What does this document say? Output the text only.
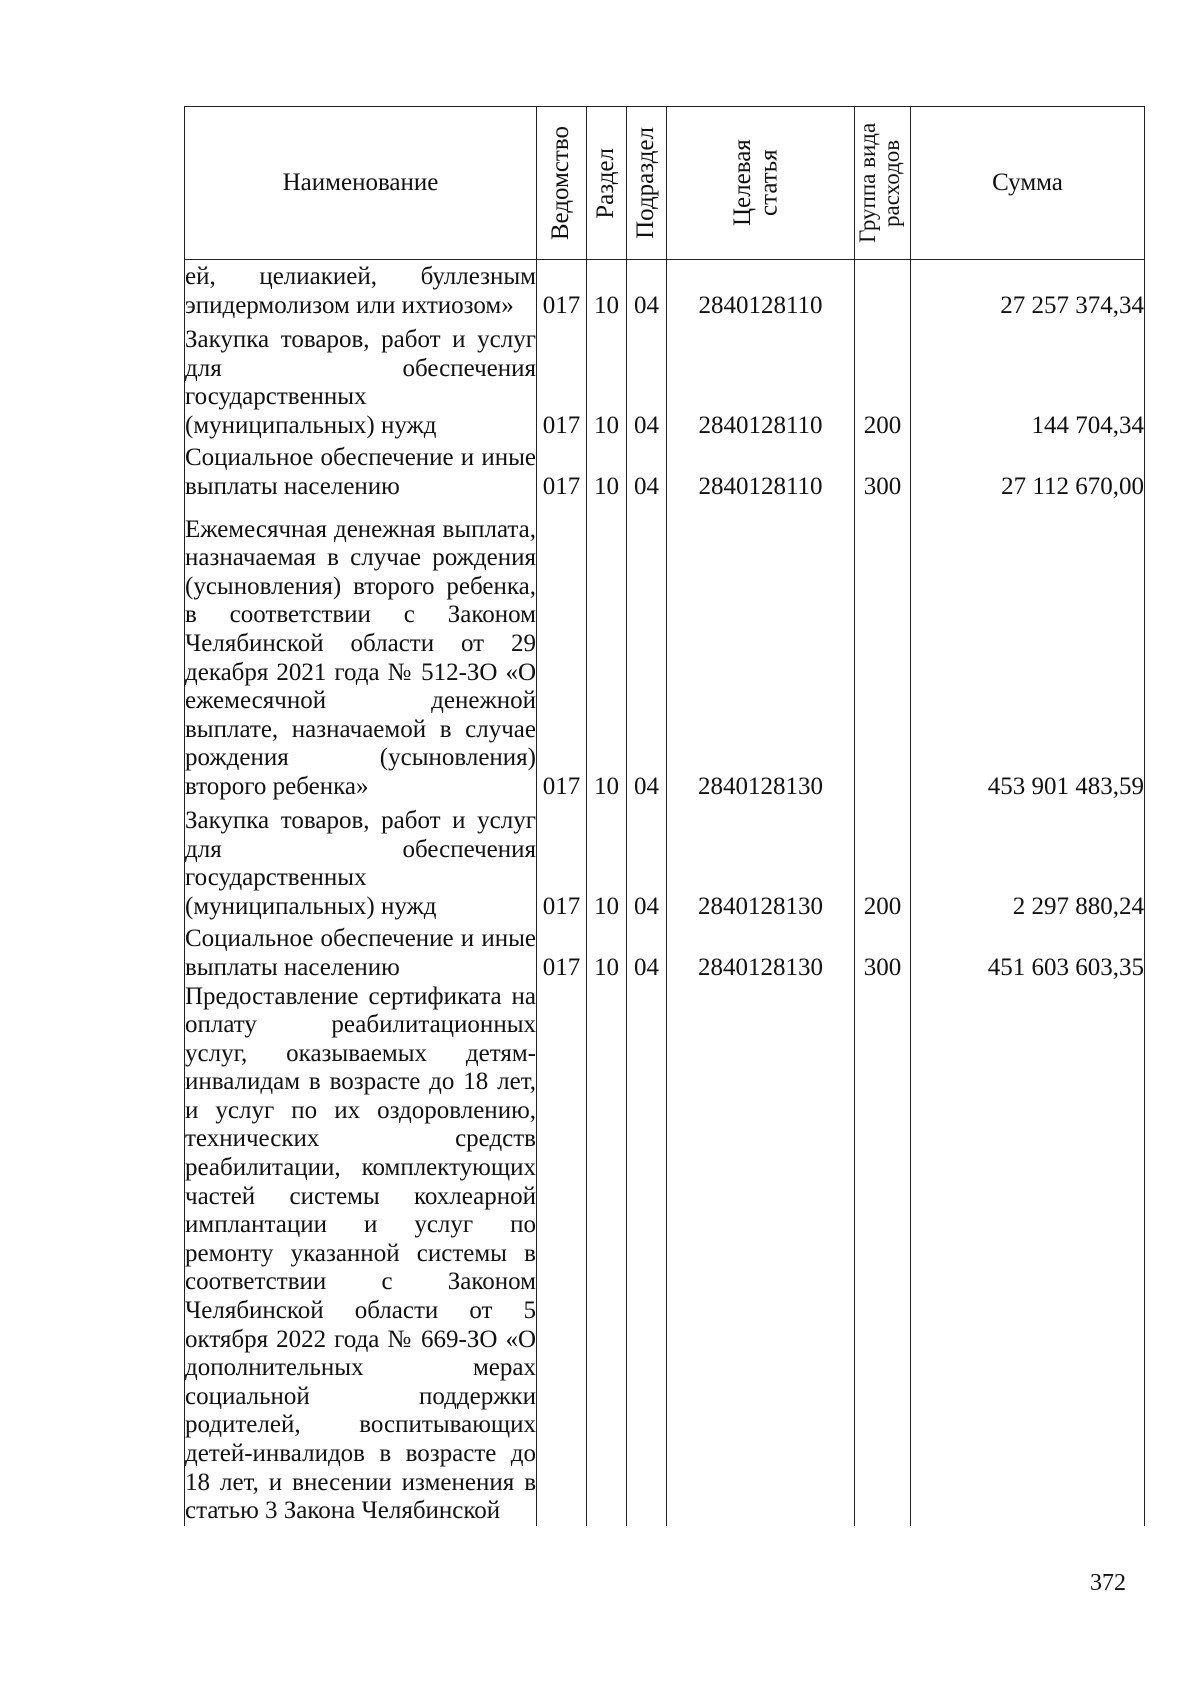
Наименование	Ведомство	Раздел	Подраздел	Целевая статья	Группа вида расходов	Сумма
ей, целиакией, буллезным эпидермолизом или ихтиозом»	017	10	04	2840128110		27 257 374,34
Закупка товаров, работ и услуг для обеспечения государственных (муниципальных) нужд	017	10	04	2840128110	200	144 704,34
Социальное обеспечение и иные выплаты населению	017	10	04	2840128110	300	27 112 670,00
Ежемесячная денежная выплата, назначаемая в случае рождения (усыновления) второго ребенка, в соответствии с Законом Челябинской области от 29 декабря 2021 года № 512-ЗО «О ежемесячной денежной выплате, назначаемой в случае рождения (усыновления) второго ребенка»	017	10	04	2840128130		453 901 483,59
Закупка товаров, работ и услуг для обеспечения государственных (муниципальных) нужд	017	10	04	2840128130	200	2 297 880,24
Социальное обеспечение и иные выплаты населению	017	10	04	2840128130	300	451 603 603,35
Предоставление сертификата на оплату реабилитационных услуг, оказываемых детям-инвалидам в возрасте до 18 лет, и услуг по их оздоровлению, технических средств реабилитации, комплектующих частей системы кохлеарной имплантации и услуг по ремонту указанной системы в соответствии с Законом Челябинской области от 5 октября 2022 года № 669-ЗО «О дополнительных мерах социальной поддержки родителей, воспитывающих детей-инвалидов в возрасте до 18 лет, и внесении изменения в статью 3 Закона Челябинской						
372
